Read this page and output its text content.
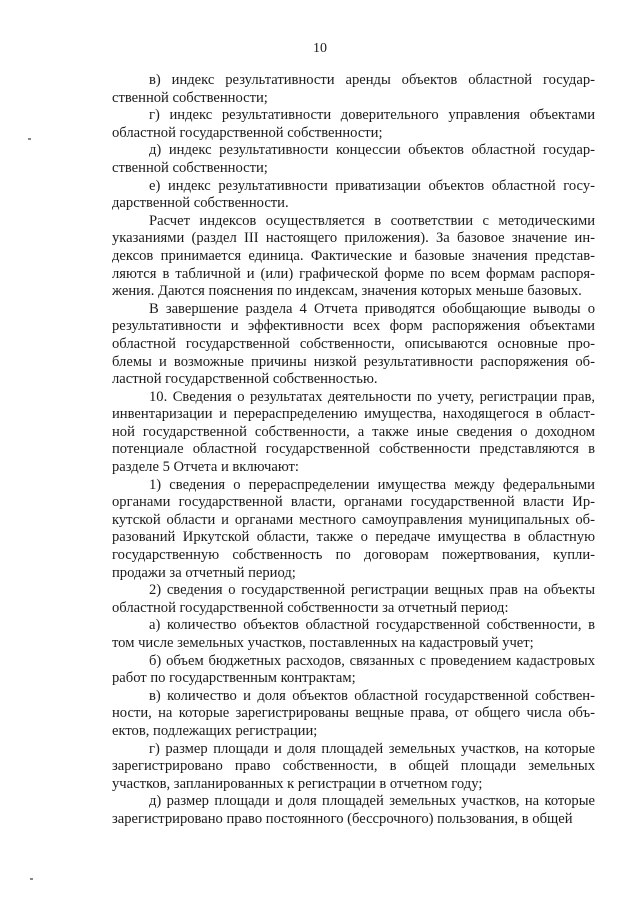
10

в) индекс результативности аренды объектов областной государственной собственности;

г) индекс результативности доверительного управления объектами областной государственной собственности;

д) индекс результативности концессии объектов областной государственной собственности;

е) индекс результативности приватизации объектов областной государственной собственности.

Расчет индексов осуществляется в соответствии с методическими указаниями (раздел III настоящего приложения). За базовое значение индексов принимается единица. Фактические и базовые значения представляются в табличной и (или) графической форме по всем формам распоряжения. Даются пояснения по индексам, значения которых меньше базовых.

В завершение раздела 4 Отчета приводятся обобщающие выводы о результативности и эффективности всех форм распоряжения объектами областной государственной собственности, описываются основные проблемы и возможные причины низкой результативности распоряжения областной государственной собственностью.

10. Сведения о результатах деятельности по учету, регистрации прав, инвентаризации и перераспределению имущества, находящегося в областной государственной собственности, а также иные сведения о доходном потенциале областной государственной собственности представляются в разделе 5 Отчета и включают:

1) сведения о перераспределении имущества между федеральными органами государственной власти, органами государственной власти Иркутской области и органами местного самоуправления муниципальных образований Иркутской области, также о передаче имущества в областную государственную собственность по договорам пожертвования, купли-продажи за отчетный период;

2) сведения о государственной регистрации вещных прав на объекты областной государственной собственности за отчетный период:

а) количество объектов областной государственной собственности, в том числе земельных участков, поставленных на кадастровый учет;

б) объем бюджетных расходов, связанных с проведением кадастровых работ по государственным контрактам;

в) количество и доля объектов областной государственной собственности, на которые зарегистрированы вещные права, от общего числа объектов, подлежащих регистрации;

г) размер площади и доля площадей земельных участков, на которые зарегистрировано право собственности, в общей площади земельных участков, запланированных к регистрации в отчетном году;

д) размер площади и доля площадей земельных участков, на которые зарегистрировано право постоянного (бессрочного) пользования, в общей
